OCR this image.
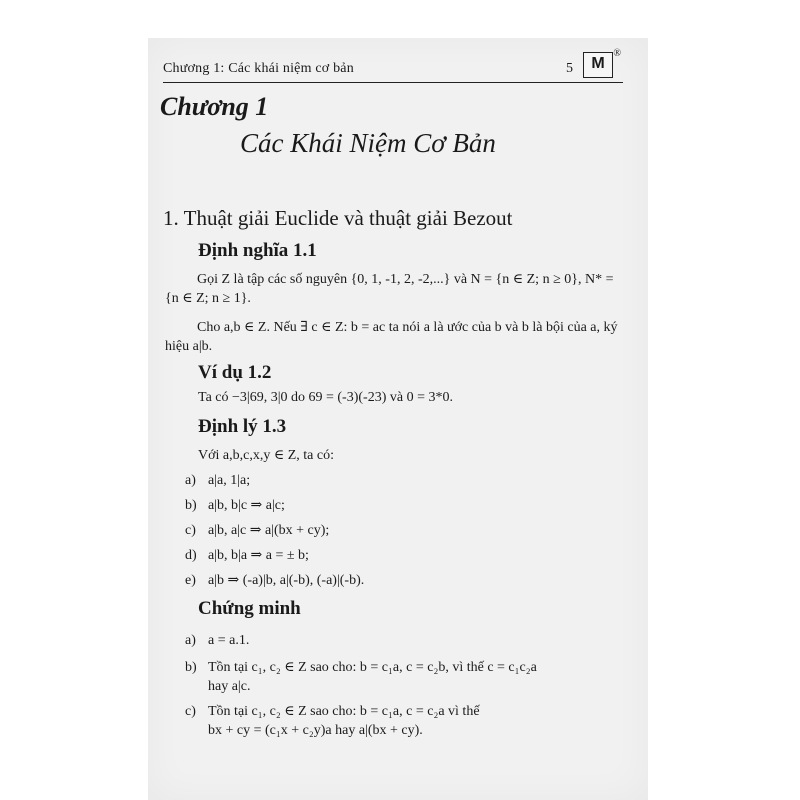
Chương 1: Các khái niệm cơ bản	5	M
®
Chương 1
Các Khái Niệm Cơ Bản
1. Thuật giải Euclide và thuật giải Bezout
Định nghĩa 1.1
Gọi Z là tập các số nguyên {0, 1, -1, 2, -2,...} và N = {n ∈ Z; n ≥ 0}, N* = {n ∈ Z; n ≥ 1}.
Cho a,b ∈ Z. Nếu ∃ c ∈ Z: b = ac ta nói a là ước của b và b là bội của a, ký hiệu a|b.
Ví dụ 1.2
Ta có −3|69, 3|0 do 69 = (-3)(-23) và 0 = 3*0.
Định lý 1.3
Với a,b,c,x,y ∈ Z, ta có:
a) a|a, 1|a;
b) a|b, b|c ⇒ a|c;
c) a|b, a|c ⇒ a|(bx + cy);
d) a|b, b|a ⇒ a = ± b;
e) a|b ⇒ (-a)|b, a|(-b), (-a)|(-b).
Chứng minh
a) a = a.1.
b) Tồn tại c₁, c₂ ∈ Z sao cho: b = c₁a, c = c₂b, vì thế c = c₁c₂a
hay a|c.
c) Tồn tại c₁, c₂ ∈ Z sao cho: b = c₁a, c = c₂a vì thế
bx + cy = (c₁x + c₂y)a hay a|(bx + cy).
